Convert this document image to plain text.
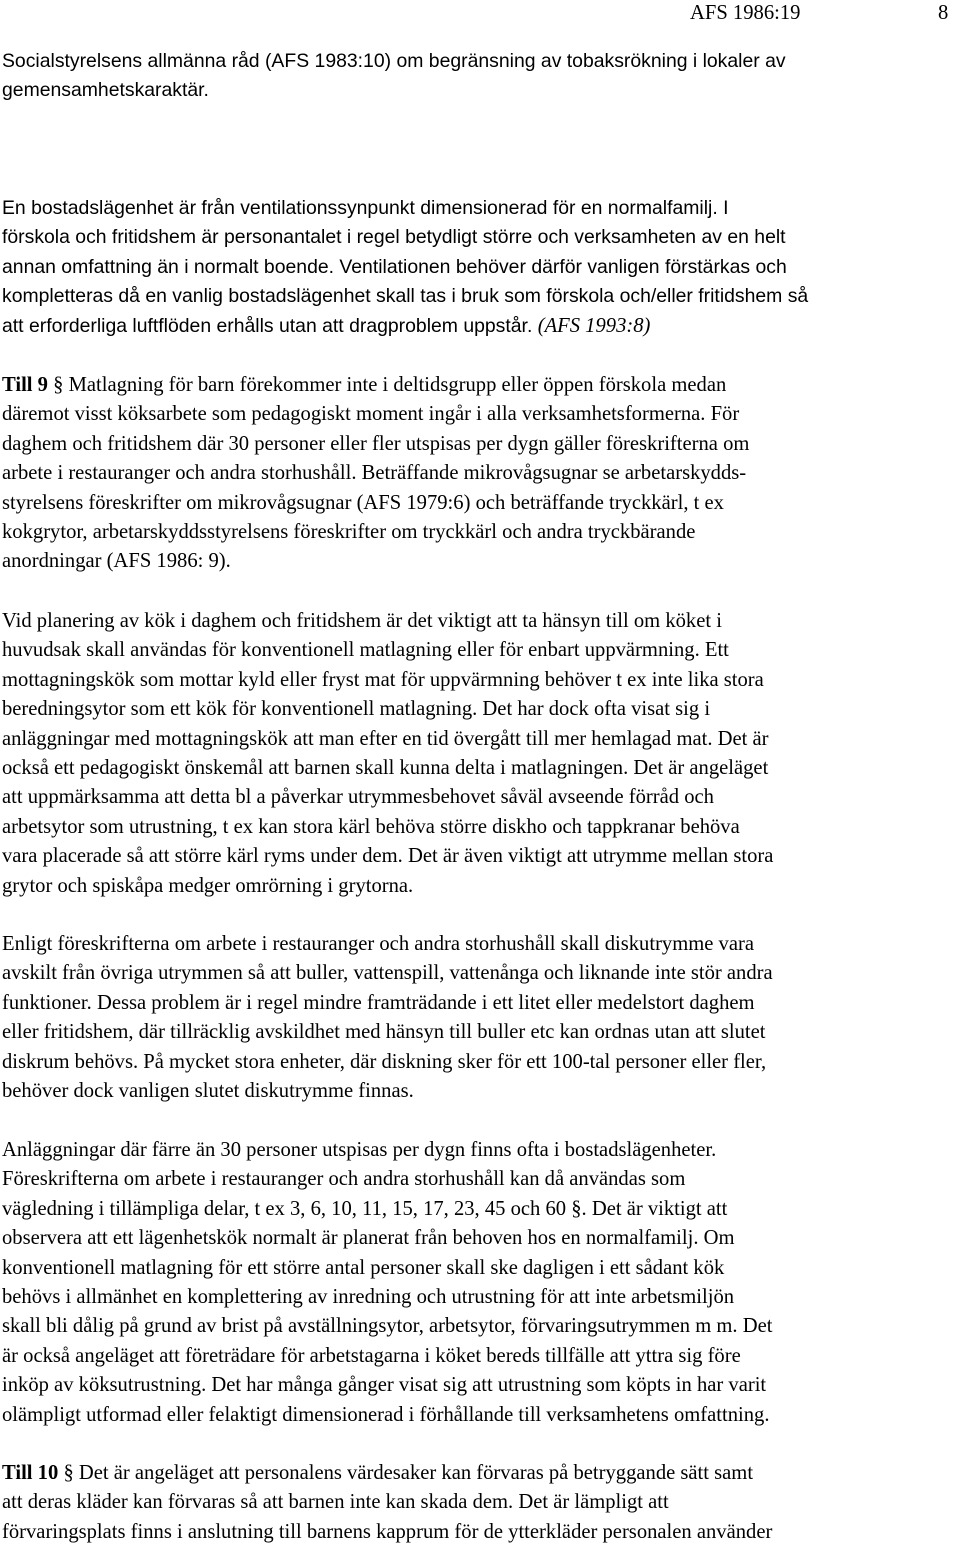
AFS 1986:19	8
Socialstyrelsens allmänna råd (AFS 1983:10) om begränsning av tobaksrökning i lokaler av
gemensamhetskaraktär.
En bostadslägenhet är från ventilationssynpunkt dimensionerad för en normalfamilj. I
förskola och fritidshem är personantalet i regel betydligt större och verksamheten av en helt
annan omfattning än i normalt boende. Ventilationen behöver därför vanligen förstärkas och
kompletteras då en vanlig bostadslägenhet skall tas i bruk som förskola och/eller fritidshem så
att erforderliga luftflöden erhålls utan att dragproblem uppstår. (AFS 1993:8)
Till 9 § Matlagning för barn förekommer inte i deltidsgrupp eller öppen förskola medan
däremot visst köksarbete som pedagogiskt moment ingår i alla verksamhetsformerna. För
daghem och fritidshem där 30 personer eller fler utspisas per dygn gäller föreskrifterna om
arbete i restauranger och andra storhushåll. Beträffande mikrovågsugnar se arbetarskydds-
styrelsens föreskrifter om mikrovågsugnar (AFS 1979:6) och beträffande tryckkärl, t ex
kokgrytor, arbetarskyddsstyrelsens föreskrifter om tryckkärl och andra tryckbärande
anordningar (AFS 1986: 9).
Vid planering av kök i daghem och fritidshem är det viktigt att ta hänsyn till om köket i
huvudsak skall användas för konventionell matlagning eller för enbart uppvärmning. Ett
mottagningskök som mottar kyld eller fryst mat för uppvärmning behöver t ex inte lika stora
beredningsytor som ett kök för konventionell matlagning. Det har dock ofta visat sig i
anläggningar med mottagningskök att man efter en tid övergått till mer hemlagad mat. Det är
också ett pedagogiskt önskemål att barnen skall kunna delta i matlagningen. Det är angeläget
att uppmärksamma att detta bl a påverkar utrymmesbehovet såväl avseende förråd och
arbetsytor som utrustning, t ex kan stora kärl behöva större diskho och tappkranar behöva
vara placerade så att större kärl ryms under dem. Det är även viktigt att utrymme mellan stora
grytor och spiskåpa medger omrörning i grytorna.
Enligt föreskrifterna om arbete i restauranger och andra storhushåll skall diskutrymme vara
avskilt från övriga utrymmen så att buller, vattenspill, vattenånga och liknande inte stör andra
funktioner. Dessa problem är i regel mindre framträdande i ett litet eller medelstort daghem
eller fritidshem, där tillräcklig avskildhet med hänsyn till buller etc kan ordnas utan att slutet
diskrum behövs. På mycket stora enheter, där diskning sker för ett 100-tal personer eller fler,
behöver dock vanligen slutet diskutrymme finnas.
Anläggningar där färre än 30 personer utspisas per dygn finns ofta i bostadslägenheter.
Föreskrifterna om arbete i restauranger och andra storhushåll kan då användas som
vägledning i tillämpliga delar, t ex 3, 6, 10, 11, 15, 17, 23, 45 och 60 §. Det är viktigt att
observera att ett lägenhetskök normalt är planerat från behoven hos en normalfamilj. Om
konventionell matlagning för ett större antal personer skall ske dagligen i ett sådant kök
behövs i allmänhet en komplettering av inredning och utrustning för att inte arbetsmiljön
skall bli dålig på grund av brist på avställningsytor, arbetsytor, förvaringsutrymmen m m. Det
är också angeläget att företrädare för arbetstagarna i köket bereds tillfälle att yttra sig före
inköp av köksutrustning. Det har många gånger visat sig att utrustning som köpts in har varit
olämpligt utformad eller felaktigt dimensionerad i förhållande till verksamhetens omfattning.
Till 10 § Det är angeläget att personalens värdesaker kan förvaras på betryggande sätt samt
att deras kläder kan förvaras så att barnen inte kan skada dem. Det är lämpligt att
förvaringsplats finns i anslutning till barnens kapprum för de ytterkläder personalen använder
